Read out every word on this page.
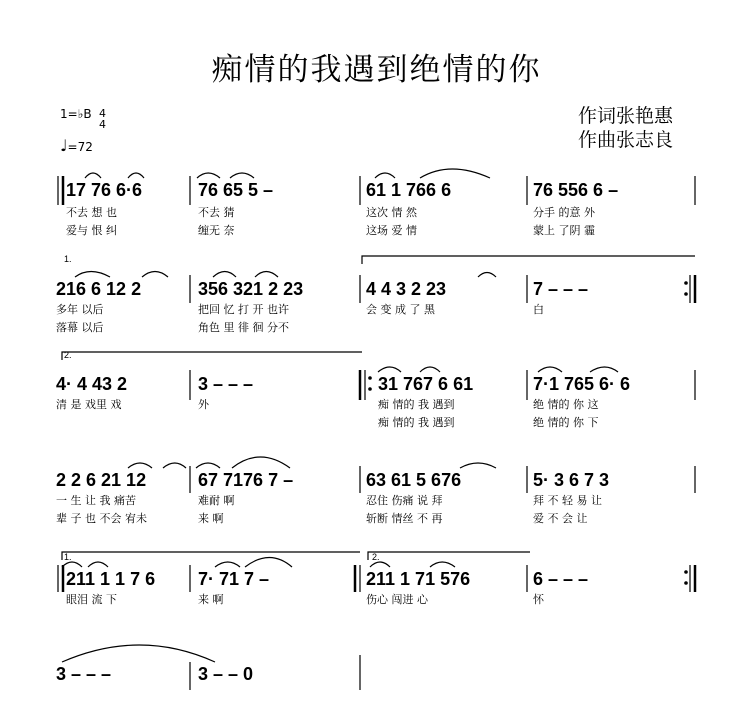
痴情的我遇到绝情的你
作词张艳惠
作曲张志良
1=♭B 4
4
♩=72
1.
2.
1.	2.
17 76 6·6	76 65 5 –	61 1 766 6	76 556 6 –
不去 想 也	不去 猜	这次 情 然	分手 的意 外
爱与 恨 纠	缠无 奈	这场 爱 情	蒙上 了阴 霾
216 6 12 2	356 321 2 23	4 4 3 2 23	7 – – –
多年 以后	把回 忆 打 开 也许	会 变 成 了 黑	白
落幕 以后	角色 里 徘 徊 分不
4· 4 43 2	3 – – –	31 767 6 61	7·1 765 6· 6
清 是 戏里 戏	外	痴 情的 我 遇到	绝 情的 你 这
痴 情的 我 遇到	绝 情的 你 下
2 2 6 21 12	67 7176 7 –	63 61 5 676	5· 3 6 7 3
一 生 让 我 痛苦	难耐 啊	忍住 伤痛 说 拜	拜 不 轻 易 让
辈 子 也 不会 宥未	来 啊	斩断 情丝 不 再	爱 不 会 让
211 1 1 7 6 7· 71 7 –	211 1 71 576	6 – – –
眼泪 流 下	来 啊	伤心 闯进 心	怀
3 – – –	3 – – 0
